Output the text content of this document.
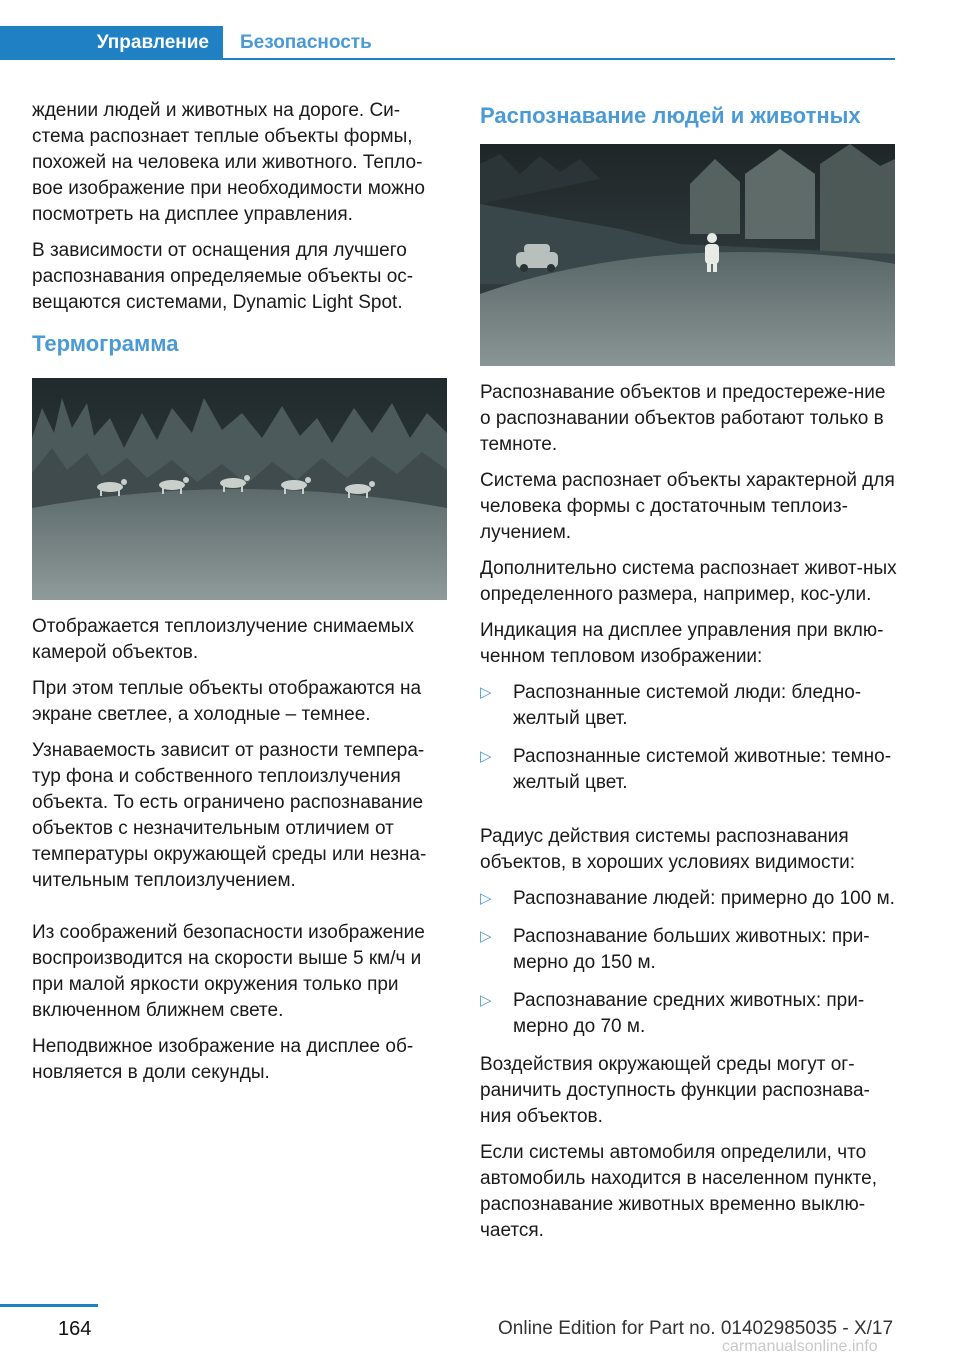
Управление Безопасность

ждении людей и животных на дороге. Си‐стема распознает теплые объекты формы, похожей на человека или животного. Тепло‐вое изображение при необходимости можно посмотреть на дисплее управления.

В зависимости от оснащения для лучшего распознавания определяемые объекты ос‐вещаются системами, Dynamic Light Spot.

Термограмма

Отображается теплоизлучение снимаемых камерой объектов.

При этом теплые объекты отображаются на экране светлее, а холодные – темнее.

Узнаваемость зависит от разности темпера‐тур фона и собственного теплоизлучения объекта. То есть ограничено распознавание объектов с незначительным отличием от температуры окружающей среды или незна‐чительным теплоизлучением.

Из соображений безопасности изображение воспроизводится на скорости выше 5 км/ч и при малой яркости окружения только при включенном ближнем свете.

Неподвижное изображение на дисплее об‐новляется в доли секунды.

Распознавание людей и животных

Распознавание объектов и предостереже‐ние о распознавании объектов работают только в темноте.

Система распознает объекты характерной для человека формы с достаточным теплоиз‐лучением.

Дополнительно система распознает живот‐ных определенного размера, например, кос‐ули.

Индикация на дисплее управления при вклю‐ченном тепловом изображении:

▷ Распознанные системой люди: бледно-желтый цвет.
▷ Распознанные системой животные: темно-желтый цвет.

Радиус действия системы распознавания объектов, в хороших условиях видимости:

▷ Распознавание людей: примерно до 100 м.
▷ Распознавание больших животных: при‐мерно до 150 м.
▷ Распознавание средних животных: при‐мерно до 70 м.

Воздействия окружающей среды могут ог‐раничить доступность функции распознава‐ния объектов.

Если системы автомобиля определили, что автомобиль находится в населенном пункте, распознавание животных временно выклю‐чается.

164	Online Edition for Part no. 01402985035 - X/17
carmanualsonline.info
